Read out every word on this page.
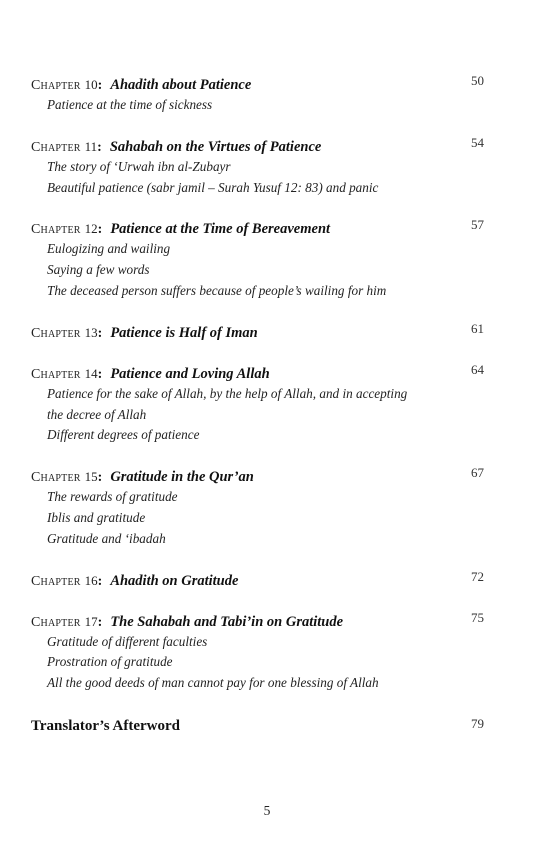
Chapter 10: Ahadith about Patience	50
Patience at the time of sickness
Chapter 11: Sahabah on the Virtues of Patience	54
The story of ‘Urwah ibn al-Zubayr
Beautiful patience (sabr jamil – Surah Yusuf 12: 83) and panic
Chapter 12: Patience at the Time of Bereavement	57
Eulogizing and wailing
Saying a few words
The deceased person suffers because of people’s wailing for him
Chapter 13: Patience is Half of Iman	61
Chapter 14: Patience and Loving Allah	64
Patience for the sake of Allah, by the help of Allah, and in accepting
the decree of Allah
Different degrees of patience
Chapter 15: Gratitude in the Qur’an	67
The rewards of gratitude
Iblis and gratitude
Gratitude and ‘ibadah
Chapter 16: Ahadith on Gratitude	72
Chapter 17: The Sahabah and Tabi’in on Gratitude	75
Gratitude of different faculties
Prostration of gratitude
All the good deeds of man cannot pay for one blessing of Allah
Translator’s Afterword	79
5
